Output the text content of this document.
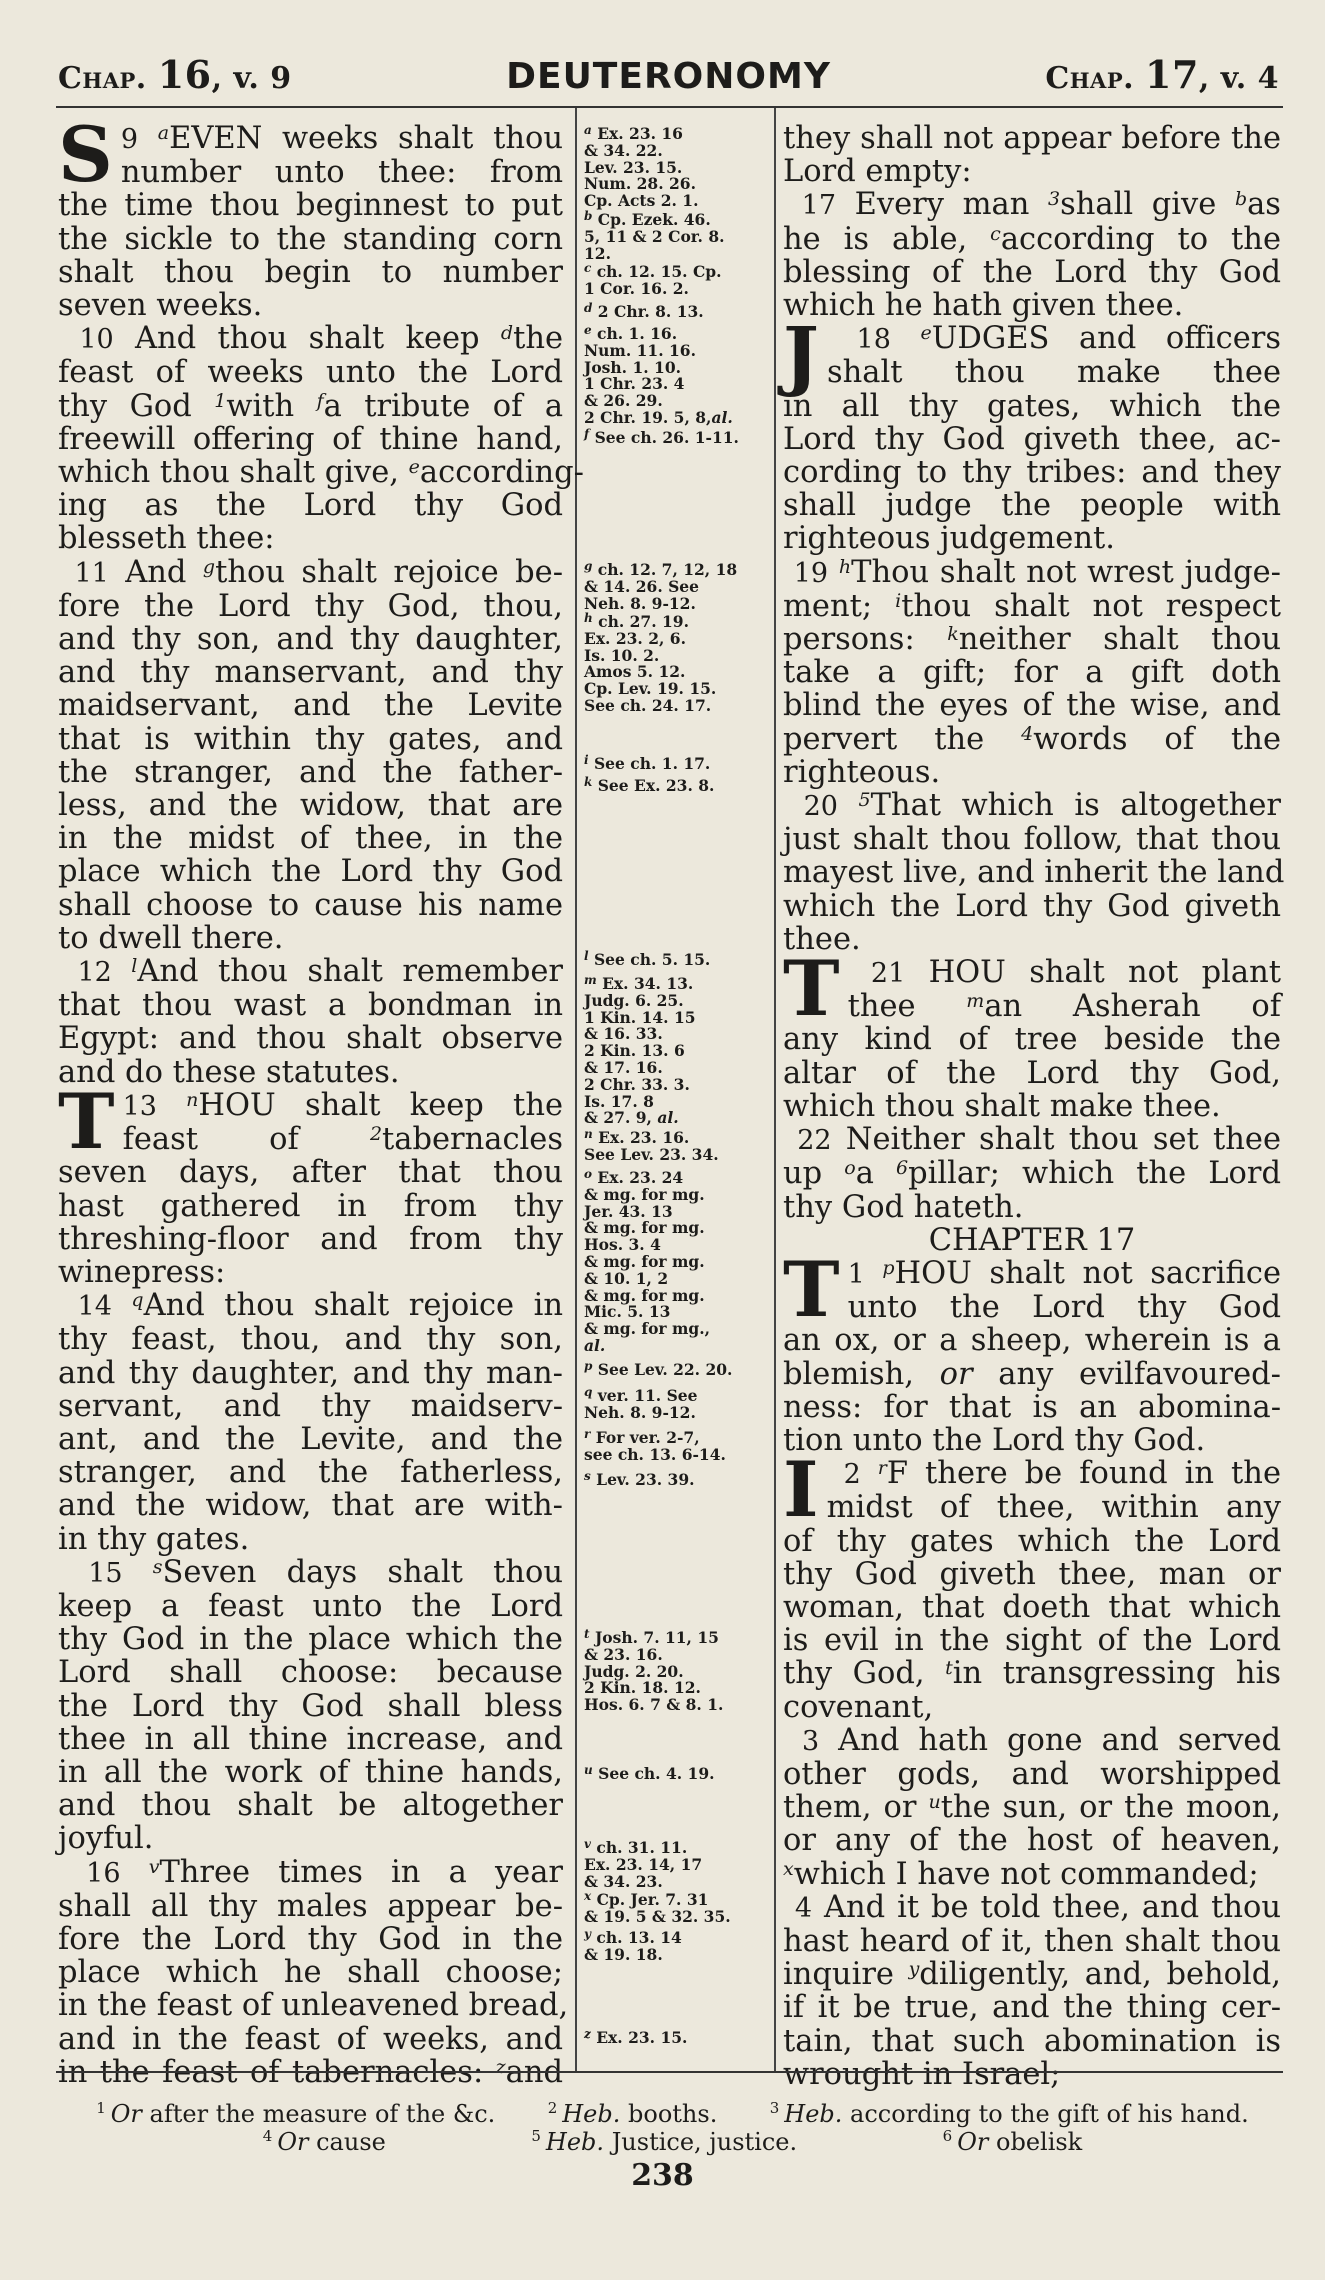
Chap. 16, v. 9	DEUTERONOMY	Chap. 17, v. 4
9 $^a$
S EVEN weeks shalt thou
number unto thee: from
the time thou beginnest to put
the sickle to the standing corn
shalt thou begin to number
seven weeks.
10 And thou shalt keep $^d$the
feast of weeks unto the Lord
thy God $^1$with $^f$a tribute of a
freewill offering of thine hand,
which thou shalt give, $^e$according-
ing as the Lord thy God
blesseth thee:
11 And $^g$thou shalt rejoice be-
fore the Lord thy God, thou,
and thy son, and thy daughter,
and thy manservant, and thy
maidservant, and the Levite
that is within thy gates, and
the stranger, and the father-
less, and the widow, that are
in the midst of thee, in the
place which the Lord thy God
shall choose to cause his name
to dwell there.
12 $^l$And thou shalt remember
that thou wast a bondman in
Egypt: and thou shalt observe
and do these statutes.
13 $^n$
T	HOU shalt keep the
feast of	$^2$tabernacles
seven days, after that thou
hast gathered in from thy
threshing-floor and from thy
winepress:
14 $^q$And thou shalt rejoice in
thy feast, thou, and thy son,
and thy daughter, and thy man-
servant, and thy maidserv-
ant, and the Levite, and the
stranger, and the fatherless,
and the widow, that are with-
in thy gates.
15 $^s$Seven days shalt thou
keep a feast unto the Lord
thy God in the place which the
Lord shall choose: because
the Lord thy God shall bless
thee in all thine increase, and
in all the work of thine hands,
and thou shalt be altogether
joyful.
16 $^v$Three times in a year
shall all thy males appear be-
fore the Lord thy God in the
place which he shall choose;
in the feast of unleavened bread,
and in the feast of weeks, and
in the feast of tabernacles: $^z$and
$^a$ Ex. 23. 16
& 34. 22.
Lev. 23. 15.
Num. 28. 26.
Cp. Acts 2. 1.
$^b$ Cp. Ezek. 46.
5, 11 & 2 Cor. 8.
12.
$^c$ ch. 12. 15. Cp.
1 Cor. 16. 2.
$^d$ 2 Chr. 8. 13.
$^e$ ch. 1. 16.
Num. 11. 16.
Josh. 1. 10.
1 Chr. 23. 4
& 26. 29.
2 Chr. 19. 5, 8,al.
$^f$ See ch. 26. 1-11.
$^g$ ch. 12. 7, 12, 18
& 14. 26. See
Neh. 8. 9-12.
$^h$ ch. 27. 19.
Ex. 23. 2, 6.
Is. 10. 2.
Amos 5. 12.
Cp. Lev. 19. 15.
See ch. 24. 17.
$^i$ See ch. 1. 17.
$^k$ See Ex. 23. 8.
$^l$ See ch. 5. 15.
$^m$ Ex. 34. 13.
Judg. 6. 25.
1 Kin. 14. 15
& 16. 33.
2 Kin. 13. 6
& 17. 16.
2 Chr. 33. 3.
Is. 17. 8
& 27. 9, al.
$^n$ Ex. 23. 16.
See Lev. 23. 34.
$^o$ Ex. 23. 24
& mg. for mg.
Jer. 43. 13
& mg. for mg.
Hos. 3. 4
& mg. for mg.
& 10. 1, 2
& mg. for mg.
Mic. 5. 13
& mg. for mg.,
al.
$^p$ See Lev. 22. 20.
$^q$ ver. 11. See
Neh. 8. 9-12.
$^r$ For ver. 2-7,
see ch. 13. 6-14.
$^s$ Lev. 23. 39.
$^t$ Josh. 7. 11, 15
& 23. 16.
Judg. 2. 20.
2 Kin. 18. 12.
Hos. 6. 7 & 8. 1.
$^u$ See ch. 4. 19.
$^v$ ch. 31. 11.
Ex. 23. 14, 17
& 34. 23.
$^x$ Cp. Jer. 7. 31
& 19. 5 & 32. 35.
$^y$ ch. 13. 14
& 19. 18.
$^z$ Ex. 23. 15.
they shall not appear before the
Lord empty:
17 Every man $^3$shall give $^b$as
he is able, $^c$according to the
blessing of the Lord thy God
which he hath given thee.
18 $^e$
J	UDGES and officers
shalt thou make thee
in all thy gates, which the
Lord thy God giveth thee, ac-
cording to thy tribes: and they
shall judge the people with
righteous judgement.
19 $^h$Thou shalt not wrest judge-
ment; $^i$thou shalt not respect
persons: $^k$neither shalt thou
take a gift; for a gift doth
blind the eyes of the wise, and
pervert the $^4$words of the
righteous.
20 $^5$That which is altogether
just shalt thou follow, that thou
mayest live, and inherit the land
which the Lord thy God giveth
thee.
21
T	HOU shalt not plant
thee	$^m$an Asherah of
any kind of tree beside the
altar of the Lord thy God,
which thou shalt make thee.
22 Neither shalt thou set thee
up $^o$a $^6$pillar; which the Lord
thy God hateth.
CHAPTER 17
1 $^p$
T HOU shalt not sacrifice
unto the Lord thy God
an ox, or a sheep, wherein is a
blemish, or any evilfavoured-
ness: for that is an abomina-
tion unto the Lord thy God.
2 $^r$
I F there be found in the
midst of thee, within any
of thy gates which the Lord
thy God giveth thee, man or
woman, that doeth that which
is evil in the sight of the Lord
thy God, $^t$in transgressing his
covenant,
3 And hath gone and served
other gods, and worshipped
them, or $^u$the sun, or the moon,
or any of the host of heaven,
$^x$which I have not commanded;
4 And it be told thee, and thou
hast heard of it, then shalt thou
inquire $^y$diligently, and, behold,
if it be true, and the thing cer-
tain, that such abomination is
wrought in Israel;
$^1$ Or after the measure of the &c.	$^2$ Heb. booths.	$^3$ Heb. according to the gift of his hand.
$^4$ Or cause	$^5$ Heb. Justice, justice.	$^6$ Or obelisk
238
